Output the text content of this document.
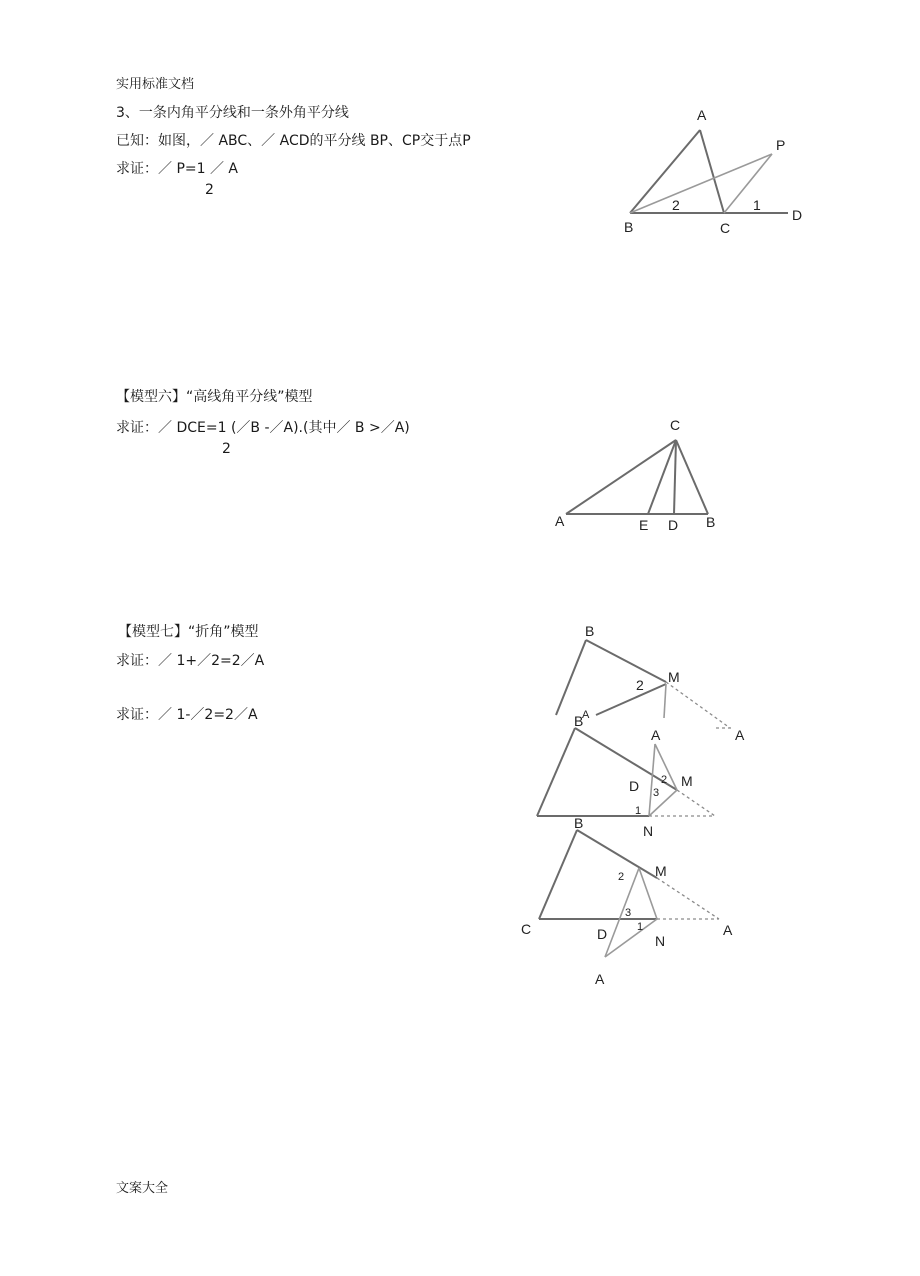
实用标准文档
文案大全
3、一条内角平分线和一条外角平分线
已知：如图，／ ABC、／ ACD的平分线 BP、CP交于点P
求证：／ P=1 ／ A
2
A
B	C
D
P
1
2
【模型六】“高线角平分线”模型
求证：／ DCE=1 (／B -／A).(其中／ B >／A)
2
C
A	E D B
【模型七】“折角”模型
求证：／ 1+／2=2／A
求证：／ 1-／2=2／A
B
M
2
A
A
B
A
D	M
N
2
3
1
B
M
C	A
D	N
A
2
3
1
